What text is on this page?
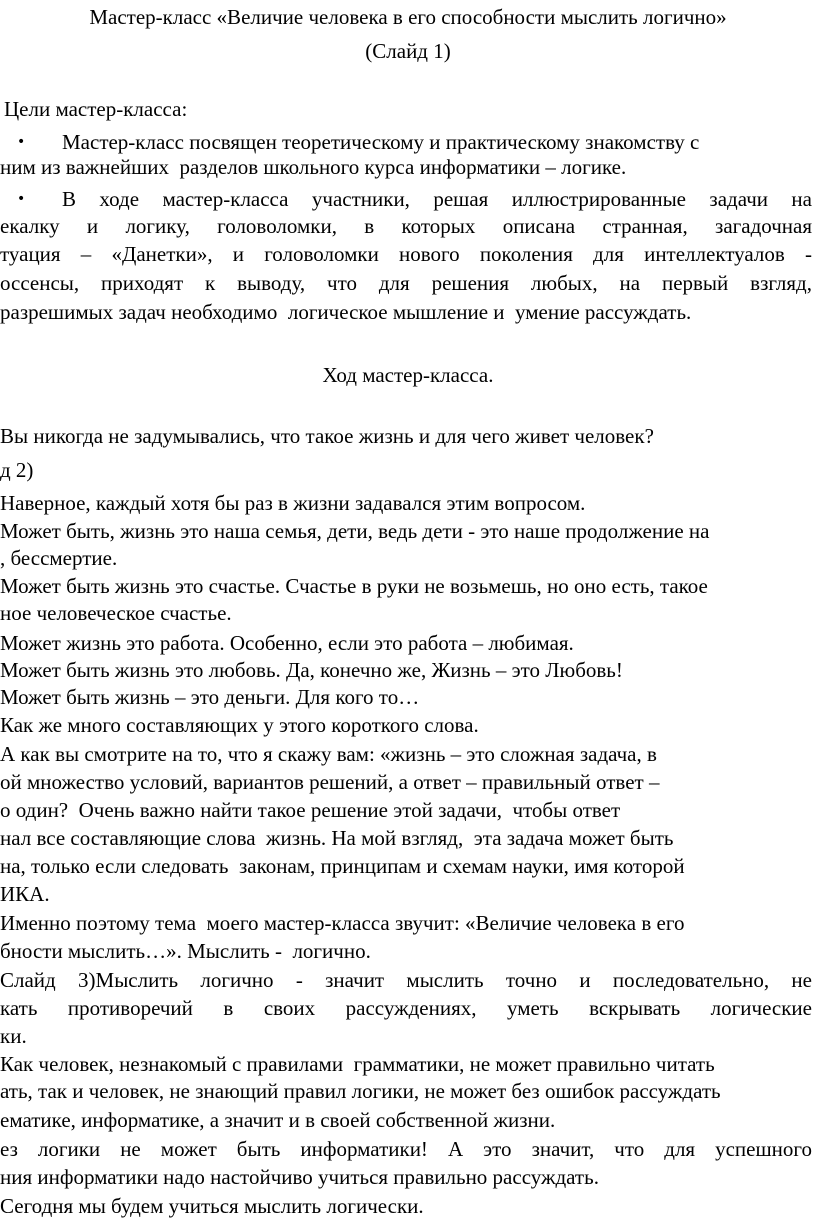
Мастер-класс «Величие человека в его способности мыслить логично»
(Слайд 1)
Цели мастер-класса:
• Мастер-класс посвящен теоретическому и практическому знакомству с
ним из важнейших  разделов школьного курса информатики – логике.
• В ходе мастер-класса участники, решая иллюстрированные задачи на
екалку и логику, головоломки, в которых описана странная, загадочная
туация – «Данетки», и головоломки нового поколения для интеллектуалов -
оссенсы, приходят к выводу, что для решения любых, на первый взгляд,
разрешимых задач необходимо  логическое мышление и  умение рассуждать.
Ход мастер-класса.
Вы никогда не задумывались, что такое жизнь и для чего живет человек?
д 2)
Наверное, каждый хотя бы раз в жизни задавался этим вопросом.
Может быть, жизнь это наша семья, дети, ведь дети - это наше продолжение на
, бессмертие.
Может быть жизнь это счастье. Счастье в руки не возьмешь, но оно есть, такое
ное человеческое счастье.
Может жизнь это работа. Особенно, если это работа – любимая.
Может быть жизнь это любовь. Да, конечно же, Жизнь – это Любовь!
Может быть жизнь – это деньги. Для кого то…
Как же много составляющих у этого короткого слова.
А как вы смотрите на то, что я скажу вам: «жизнь – это сложная задача, в
ой множество условий, вариантов решений, а ответ – правильный ответ –
о один?  Очень важно найти такое решение этой задачи,  чтобы ответ
нал все составляющие слова  жизнь. На мой взгляд,  эта задача может быть
на, только если следовать  законам, принципам и схемам науки, имя которой
ИКА.
Именно поэтому тема  моего мастер-класса звучит: «Величие человека в его
бности мыслить…». Мыслить -  логично.
Слайд 3)Мыслить логично - значит мыслить точно и последовательно, не
кать противоречий в своих рассуждениях, уметь вскрывать логические
ки.
Как человек, незнакомый с правилами  грамматики, не может правильно читать
ать, так и человек, не знающий правил логики, не может без ошибок рассуждать
ематике, информатике, а значит и в своей собственной жизни.
ез логики не может быть информатики! А это значит, что для успешного
ния информатики надо настойчиво учиться правильно рассуждать.
Сегодня мы будем учиться мыслить логически.
